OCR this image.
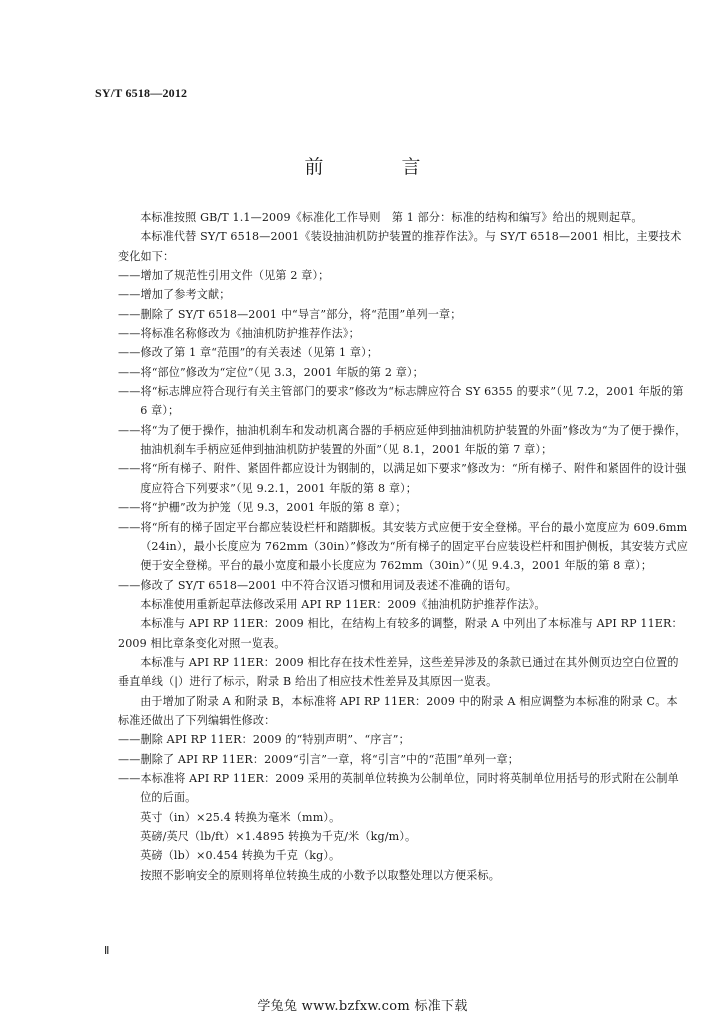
SY/T 6518—2012
前 言

本标准按照 GB/T 1.1—2009《标准化工作导则　第 1 部分：标准的结构和编写》给出的规则起草。

本标准代替 SY/T 6518—2001《装设抽油机防护装置的推荐作法》。与 SY/T 6518—2001 相比，主要技术变化如下：

——增加了规范性引用文件（见第 2 章）；

——增加了参考文献；

——删除了 SY/T 6518—2001 中“导言”部分，将“范围”单列一章；

——将标准名称修改为《抽油机防护推荐作法》；

——修改了第 1 章“范围”的有关表述（见第 1 章）；

——将“部位”修改为“定位”（见 3.3，2001 年版的第 2 章）；

——将“标志牌应符合现行有关主管部门的要求”修改为“标志牌应符合 SY 6355 的要求”（见 7.2，2001 年版的第 6 章）；

——将“为了便于操作，抽油机刹车和发动机离合器的手柄应延伸到抽油机防护装置的外面”修改为“为了便于操作，抽油机刹车手柄应延伸到抽油机防护装置的外面”（见 8.1，2001 年版的第 7 章）；

——将“所有梯子、附件、紧固件都应设计为钢制的，以满足如下要求”修改为：“所有梯子、附件和紧固件的设计强度应符合下列要求”（见 9.2.1，2001 年版的第 8 章）；

——将“护栅”改为护笼（见 9.3，2001 年版的第 8 章）；

——将“所有的梯子固定平台都应装设栏杆和踏脚板。其安装方式应便于安全登梯。平台的最小宽度应为 609.6mm（24in），最小长度应为 762mm（30in）”修改为“所有梯子的固定平台应装设栏杆和围护侧板，其安装方式应便于安全登梯。平台的最小宽度和最小长度应为 762mm（30in）”（见 9.4.3，2001 年版的第 8 章）；

——修改了 SY/T 6518—2001 中不符合汉语习惯和用词及表述不准确的语句。

本标准使用重新起草法修改采用 API RP 11ER：2009《抽油机防护推荐作法》。

本标准与 API RP 11ER：2009 相比，在结构上有较多的调整，附录 A 中列出了本标准与 API RP 11ER：2009 相比章条变化对照一览表。

本标准与 API RP 11ER：2009 相比存在技术性差异，这些差异涉及的条款已通过在其外侧页边空白位置的垂直单线（|）进行了标示，附录 B 给出了相应技术性差异及其原因一览表。

由于增加了附录 A 和附录 B，本标准将 API RP 11ER：2009 中的附录 A 相应调整为本标准的附录 C。本标准还做出了下列编辑性修改：

——删除 API RP 11ER：2009 的“特别声明”、“序言”；

——删除了 API RP 11ER：2009“引言”一章，将“引言”中的“范围”单列一章；

——本标准将 API RP 11ER：2009 采用的英制单位转换为公制单位，同时将英制单位用括号的形式附在公制单位的后面。

英寸（in）×25.4 转换为毫米（mm）。

英磅/英尺（lb/ft）×1.4895 转换为千克/米（kg/m）。

英磅（lb）×0.454 转换为千克（kg）。

按照不影响安全的原则将单位转换生成的小数予以取整处理以方便采标。

Ⅱ
学兔兔 www.bzfxw.com 标准下载
